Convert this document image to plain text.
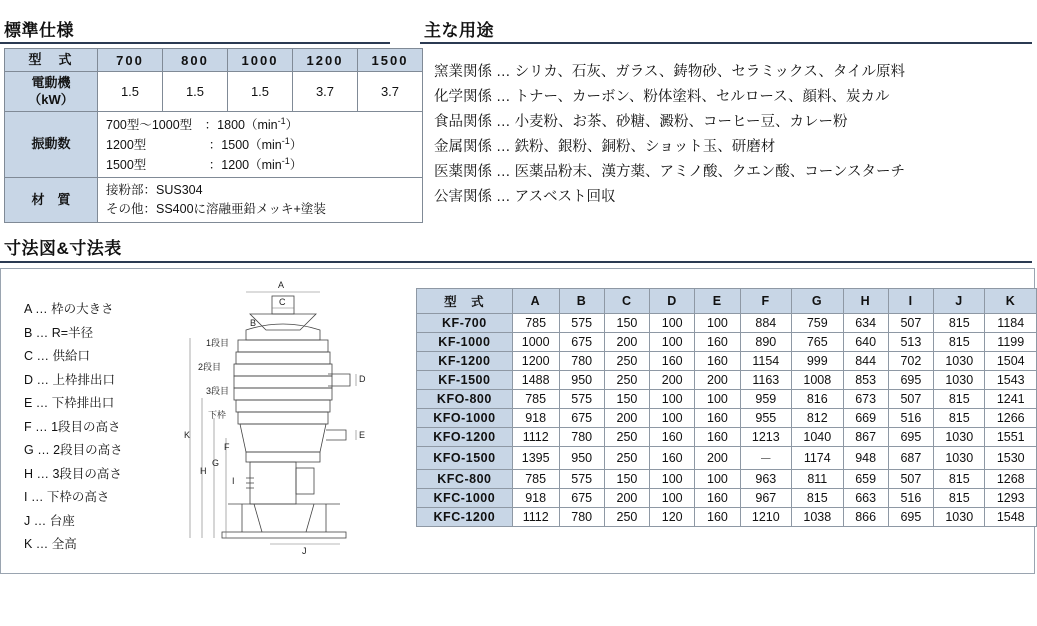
標準仕様	主な用途
寸法図&寸法表
型　式	700	800	1000	1200	1500

電動機
（kW）	1.5	1.5	1.5	3.7	3.7
振動数	700型～1000型　：$1800(\min^{-1})$
1200型　　　　　：$1500(\min^{-1})$
1500型　　　　　：$1200(\min^{-1})$				

材　質	接粉部：SUS304
その他：SS400に溶融亜鉛メッキ+塗装				
窯業関係 … シリカ、石灰、ガラス、鋳物砂、セラミックス、タイル原料
化学関係 … トナー、カーボン、粉体塗料、セルロース、顔料、炭カル
食品関係 … 小麦粉、お茶、砂糖、澱粉、コーヒー豆、カレー粉
金属関係 … 鉄粉、銀粉、銅粉、ショット玉、研磨材
医薬関係 … 医薬品粉末、漢方薬、アミノ酸、クエン酸、コーンスターチ
公害関係 … アスベスト回収
A … 枠の大きさ
B … R=半径
C … 供給口
D … 上枠排出口
E … 下枠排出口
F … 1段目の高さ
G … 2段目の高さ
H … 3段目の高さ
I … 下枠の高さ
J … 台座
K … 全高
A
C
B
D
E
F
G
H
I
J
K
1段目
2段目
3段目
下枠
型　式	A	B	C	D	E	F	G	H	I	J	K
KF-700	785	575	150	100	100	884	759	634	507	815	1184
KF-1000	1000	675	200	100	160	890	765	640	513	815	1199
KF-1200	1200	780	250	160	160	1154	999	844	702	1030	1504
KF-1500	1488	950	250	200	200	1163	1008	853	695	1030	1543
KFO-800	785	575	150	100	100	959	816	673	507	815	1241
KFO-1000	918	675	200	100	160	955	812	669	516	815	1266
KFO-1200	1112	780	250	160	160	1213	1040	867	695	1030	1551
KFO-1500	1395	950	250	160	200	－	1174	948	687	1030	1530
KFC-800	785	575	150	100	100	963	811	659	507	815	1268
KFC-1000	918	675	200	100	160	967	815	663	516	815	1293
KFC-1200	1112	780	250	120	160	1210	1038	866	695	1030	1548
